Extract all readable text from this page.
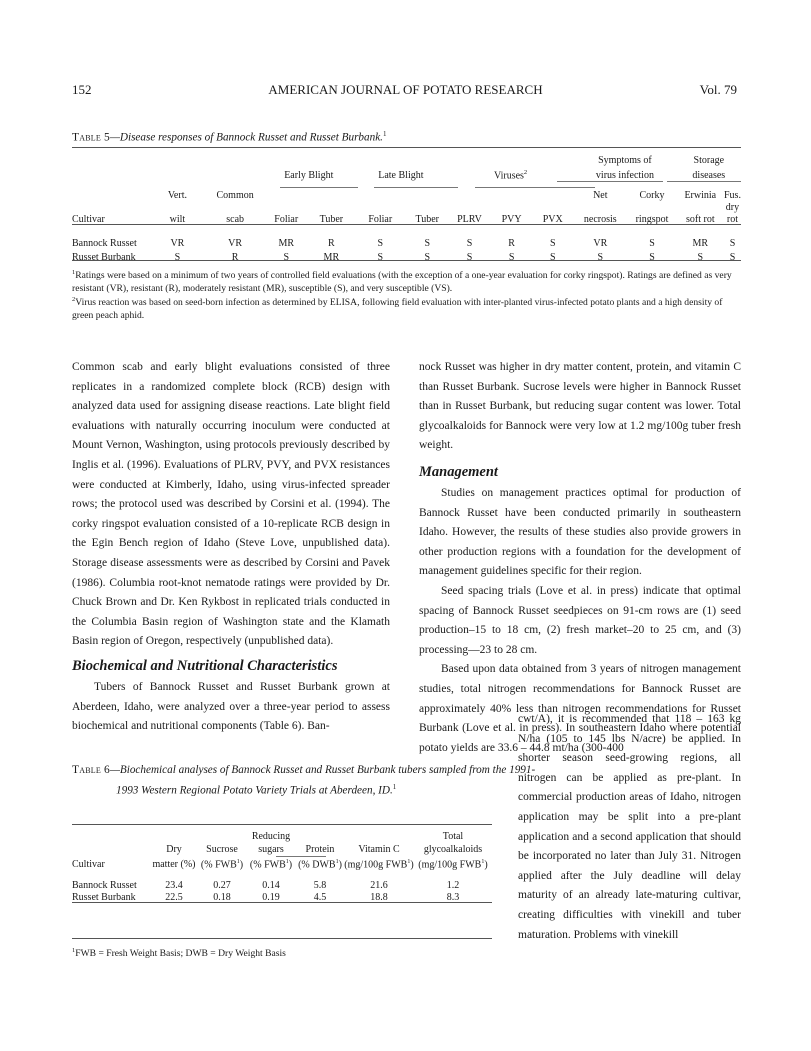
152	AMERICAN JOURNAL OF POTATO RESEARCH	Vol. 79
Table 5—Disease responses of Bannock Russet and Russet Burbank.$^1$
										Symptoms of		Storage	
			Early Blight		Late Blight		Viruses$^2$			virus infection		diseases	
	Vert.	Common								Net	Corky	Erwinia	Fus.
Cultivar	wilt	scab	Foliar	Tuber	Foliar	Tuber	PLRV	PVY	PVX	necrosis	ringspot	soft rot	dry rot

Bannock Russet	VR	VR	MR	R	S	S	S	R	S	VR	S	MR	S
Russet Burbank	S	R	S	MR	S	S	S	S	S	S	S	S	S
$^1$Ratings were based on a minimum of two years of controlled field evaluations (with the exception of a one-year evaluation for corky ringspot). Ratings are defined as very resistant (VR), resistant (R), moderately resistant (MR), susceptible (S), and very susceptible (VS).
$^2$Virus reaction was based on seed-born infection as determined by ELISA, following field evaluation with inter-planted virus-infected potato plants and a high density of green peach aphid.

Common scab and early blight evaluations consisted of three replicates in a randomized complete block (RCB) design with analyzed data used for assigning disease reactions. Late blight field evaluations with naturally occurring inoculum were conducted at Mount Vernon, Washington, using protocols previously described by Inglis et al. (1996). Evaluations of PLRV, PVY, and PVX resistances were conducted at Kimberly, Idaho, using virus-infected spreader rows; the protocol used was described by Corsini et al. (1994). The corky ringspot evaluation consisted of a 10-replicate RCB design in the Egin Bench region of Idaho (Steve Love, unpublished data). Storage disease assessments were as described by Corsini and Pavek (1986). Columbia root-knot nematode ratings were provided by Dr. Chuck Brown and Dr. Ken Rykbost in replicated trials conducted in the Columbia Basin region of Washington state and the Klamath Basin region of Oregon, respectively (unpublished data).

Biochemical and Nutritional Characteristics

Tubers of Bannock Russet and Russet Burbank grown at Aberdeen, Idaho, were analyzed over a three-year period to assess biochemical and nutritional components (Table 6). Ban-

nock Russet was higher in dry matter content, protein, and vitamin C than Russet Burbank. Sucrose levels were higher in Bannock Russet than in Russet Burbank, but reducing sugar content was lower. Total glycoalkaloids for Bannock were very low at 1.2 mg/100g tuber fresh weight.

Management

Studies on management practices optimal for production of Bannock Russet have been conducted primarily in southeastern Idaho. However, the results of these studies also provide growers in other production regions with a foundation for the development of management guidelines specific for their region.

Seed spacing trials (Love et al. in press) indicate that optimal spacing of Bannock Russet seedpieces on 91-cm rows are (1) seed production–15 to 18 cm, (2) fresh market–20 to 25 cm, and (3) processing—23 to 28 cm.

Based upon data obtained from 3 years of nitrogen management studies, total nitrogen recommendations for Bannock Russet are approximately 40% less than nitrogen recommendations for Russet Burbank (Love et al. in press). In southeastern Idaho where potential potato yields are 33.6 – 44.8 mt/ha (300-400

cwt/A), it is recommended that 118 – 163 kg N/ha (105 to 145 lbs N/acre) be applied. In shorter season seed-growing regions, all nitrogen can be applied as pre-plant. In commercial production areas of Idaho, nitrogen application may be split into a pre-plant application and a second application that should be incorporated no later than July 31. Nitrogen applied after the July deadline will delay maturity of an already late-maturing cultivar, creating difficulties with vinekill and tuber maturation. Problems with vinekill

Table 6—Biochemical analyses of Bannock Russet and Russet Burbank tubers sampled from the 1991-1993 Western Regional Potato Variety Trials at Aberdeen, ID.$^1$
			Reducing			Total
	Dry	Sucrose	sugars	Protein	Vitamin C	glycoalkaloids
Cultivar	matter (%)	(% FWB$^1$)	(% FWB$^1$)	(% DWB$^1$)	(mg/100g FWB$^1$)	(mg/100g FWB$^1$)

Bannock Russet	23.4	0.27	0.14	5.8	21.6	1.2
Russet Burbank	22.5	0.18	0.19	4.5	18.8	8.3
$^1$FWB = Fresh Weight Basis; DWB = Dry Weight Basis
